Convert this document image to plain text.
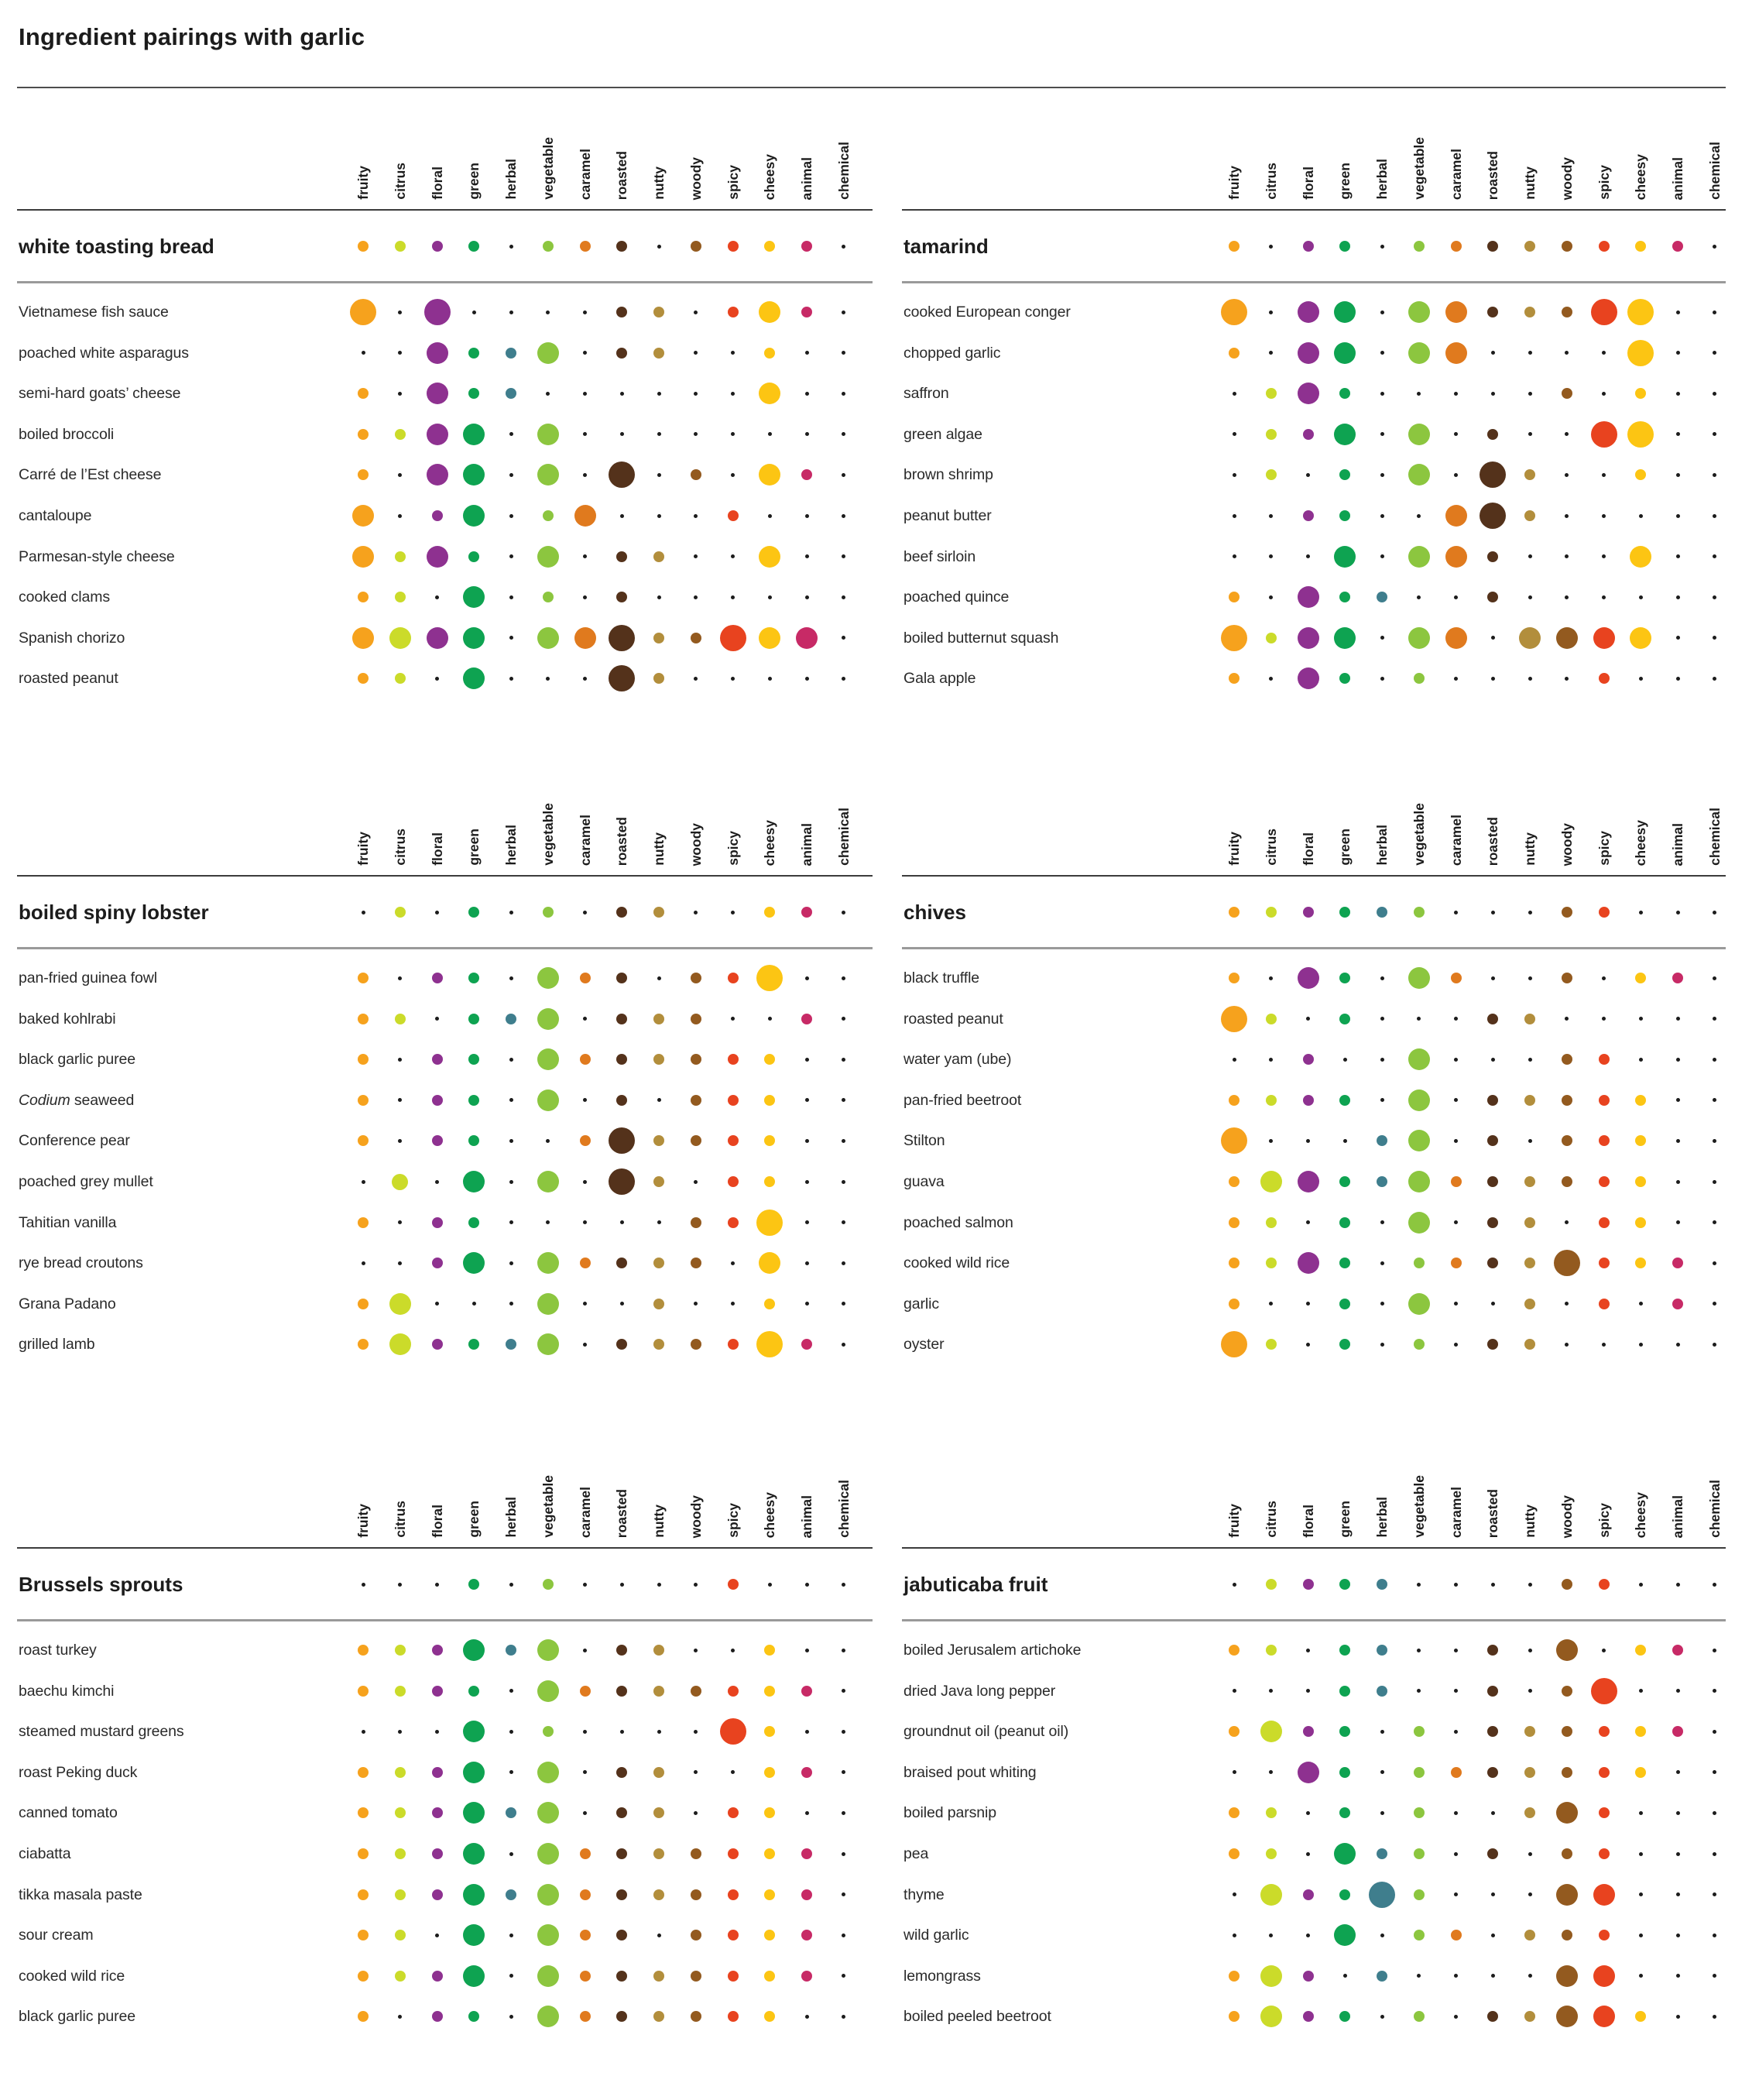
Ingredient pairings with garlic
fruity citrus floral green herbal vegetable caramel roasted nutty woody spicy cheesy animal chemical
white toasting bread
Vietnamese fish sauce
poached white asparagus
semi-hard goats’ cheese
boiled broccoli
Carré de l’Est cheese
cantaloupe
Parmesan-style cheese
cooked clams
Spanish chorizo
roasted peanut
fruity citrus floral green herbal vegetable caramel roasted nutty woody spicy cheesy animal chemical
tamarind
cooked European conger
chopped garlic
saffron
green algae
brown shrimp
peanut butter
beef sirloin
poached quince
boiled butternut squash
Gala apple
fruity citrus floral green herbal vegetable caramel roasted nutty woody spicy cheesy animal chemical
boiled spiny lobster
pan-fried guinea fowl
baked kohlrabi
black garlic puree
Codium seaweed
Conference pear
poached grey mullet
Tahitian vanilla
rye bread croutons
Grana Padano
grilled lamb
fruity citrus floral green herbal vegetable caramel roasted nutty woody spicy cheesy animal chemical
chives
black truffle
roasted peanut
water yam (ube)
pan-fried beetroot
Stilton
guava
poached salmon
cooked wild rice
garlic
oyster
fruity citrus floral green herbal vegetable caramel roasted nutty woody spicy cheesy animal chemical
Brussels sprouts
roast turkey
baechu kimchi
steamed mustard greens
roast Peking duck
canned tomato
ciabatta
tikka masala paste
sour cream
cooked wild rice
black garlic puree
fruity citrus floral green herbal vegetable caramel roasted nutty woody spicy cheesy animal chemical
jabuticaba fruit
boiled Jerusalem artichoke
dried Java long pepper
groundnut oil (peanut oil)
braised pout whiting
boiled parsnip
pea
thyme
wild garlic
lemongrass
boiled peeled beetroot
